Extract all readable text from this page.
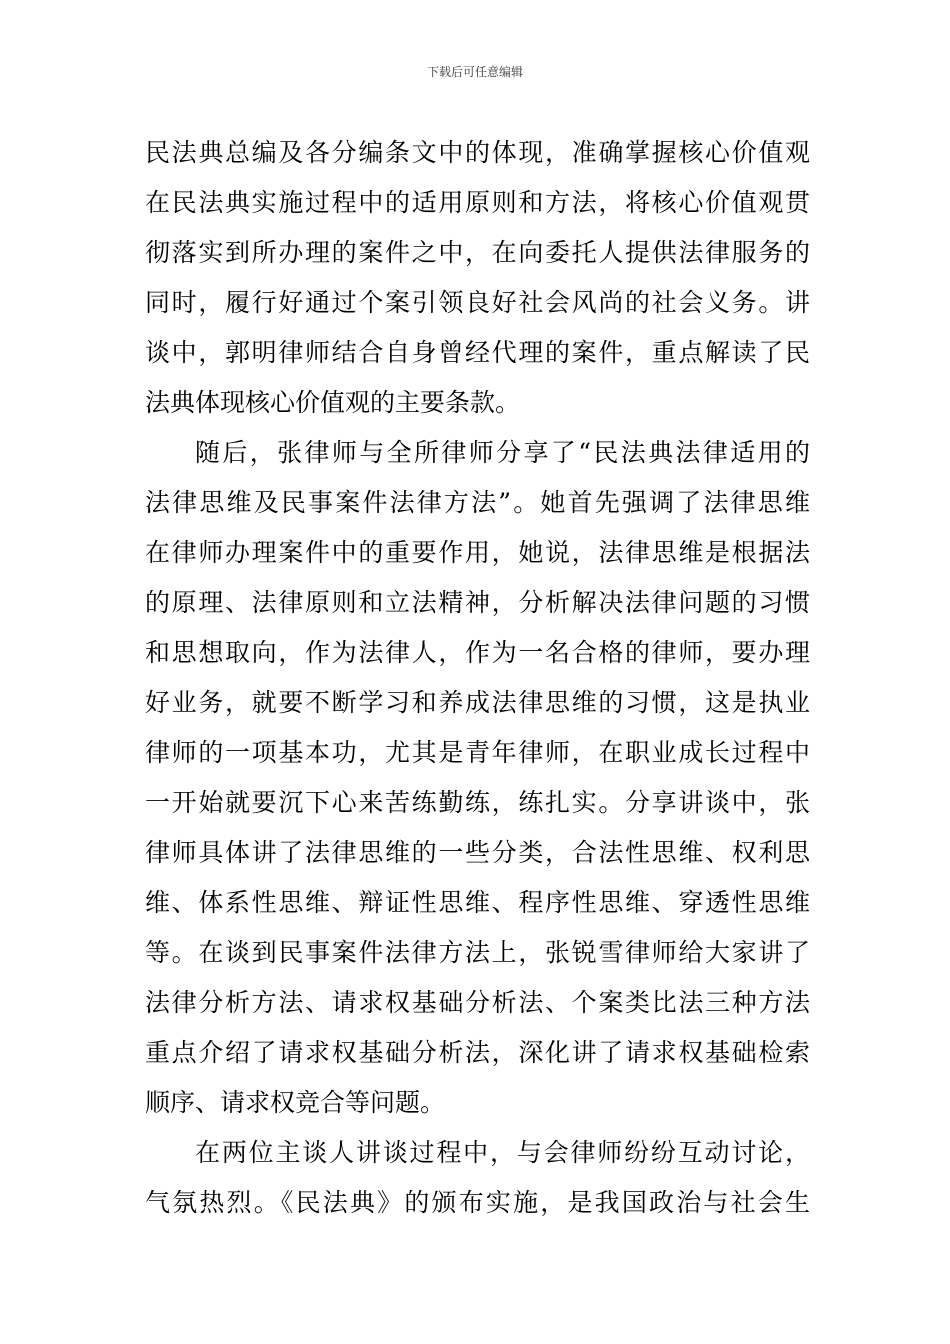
下载后可任意编辑
民法典总编及各分编条文中的体现，准确掌握核心价值观
在民法典实施过程中的适用原则和方法，将核心价值观贯
彻落实到所办理的案件之中，在向委托人提供法律服务的
同时，履行好通过个案引领良好社会风尚的社会义务。讲
谈中，郭明律师结合自身曾经代理的案件，重点解读了民
法典体现核心价值观的主要条款。
随后，张律师与全所律师分享了“民法典法律适用的
法律思维及民事案件法律方法”。她首先强调了法律思维
在律师办理案件中的重要作用，她说，法律思维是根据法
的原理、法律原则和立法精神，分析解决法律问题的习惯
和思想取向，作为法律人，作为一名合格的律师，要办理
好业务，就要不断学习和养成法律思维的习惯，这是执业
律师的一项基本功，尤其是青年律师，在职业成长过程中
一开始就要沉下心来苦练勤练，练扎实。分享讲谈中，张
律师具体讲了法律思维的一些分类，合法性思维、权利思
维、体系性思维、辩证性思维、程序性思维、穿透性思维
等。在谈到民事案件法律方法上，张锐雪律师给大家讲了
法律分析方法、请求权基础分析法、个案类比法三种方法
重点介绍了请求权基础分析法，深化讲了请求权基础检索
顺序、请求权竞合等问题。
在两位主谈人讲谈过程中，与会律师纷纷互动讨论，
气氛热烈。《民法典》的颁布实施，是我国政治与社会生
